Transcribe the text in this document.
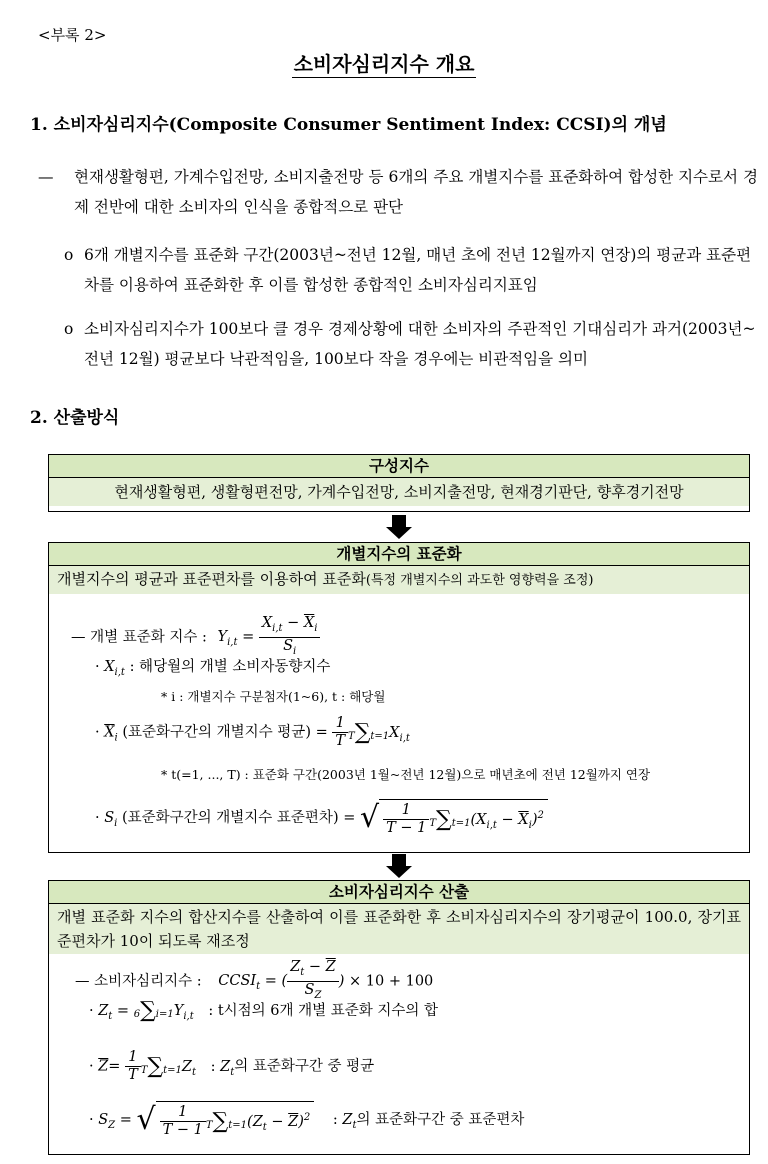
<부록 2>
소비자심리지수 개요
1. 소비자심리지수(Composite Consumer Sentiment Index: CCSI)의 개념
—	현재생활형편, 가계수입전망, 소비지출전망 등 6개의 주요 개별지수를 표준화하여 합성한 지수로서 경제 전반에 대한 소비자의 인식을 종합적으로 판단
o 6개 개별지수를 표준화 구간(2003년~전년 12월, 매년 초에 전년 12월까지 연장)의 평균과 표준편차를 이용하여 표준화한 후 이를 합성한 종합적인 소비자심리지표임
o 소비자심리지수가 100보다 클 경우 경제상황에 대한 소비자의 주관적인 기대심리가 과거(2003년~전년 12월) 평균보다 낙관적임을, 100보다 작을 경우에는 비관적임을 의미
2. 산출방식
구성지수
현재생활형편, 생활형편전망, 가계수입전망, 소비지출전망, 현재경기판단, 향후경기전망
개별지수의 표준화
개별지수의 평균과 표준편차를 이용하여 표준화(특정 개별지수의 과도한 영향력을 조정)
— 개별 표준화 지수 : $Y_{i,t} = \frac{X_{i,t} - \overline{X}_i}{S_i}$
· $X_{i,t}$ : 해당월의 개별 소비자동향지수
* i : 개별지수 구분첨자(1~6), t : 해당월
· $\overline{X}_i$ (표준화구간의 개별지수 평균) = $\frac{1}{T} T\sum t=1X_{i,t}$
* t(=1, ..., T) : 표준화 구간(2003년 1월~전년 12월)으로 매년초에 전년 12월까지 연장
· $S_i$ (표준화구간의 개별지수 표준편차) = √ $\frac{1}{T - 1} T\sum t=1(X_{i,t} - \overline{X}_i)^2$
소비자심리지수 산출
개별 표준화 지수의 합산지수를 산출하여 이를 표준화한 후 소비자심리지수의 장기평균이 100.0, 장기표준편차가 10이 되도록 재조정
— 소비자심리지수 : $CCSI_t$ = ( $\frac{Z_t - \overline{Z}}{S_Z}$ ) × 10 + 100
· $Z_t = 6\sum i=1Y_{i,t}$ : t시점의 6개 개별 표준화 지수의 합
· $\overline{Z}= \frac{1}{T} T\sum t=1Z_t$ : $Z_t$의 표준화구간 중 평균
· $S_Z$ = √ $\frac{1}{T - 1} T\sum t=1(Z_t - \overline{Z})^2$ : $Z_t$의 표준화구간 중 표준편차
